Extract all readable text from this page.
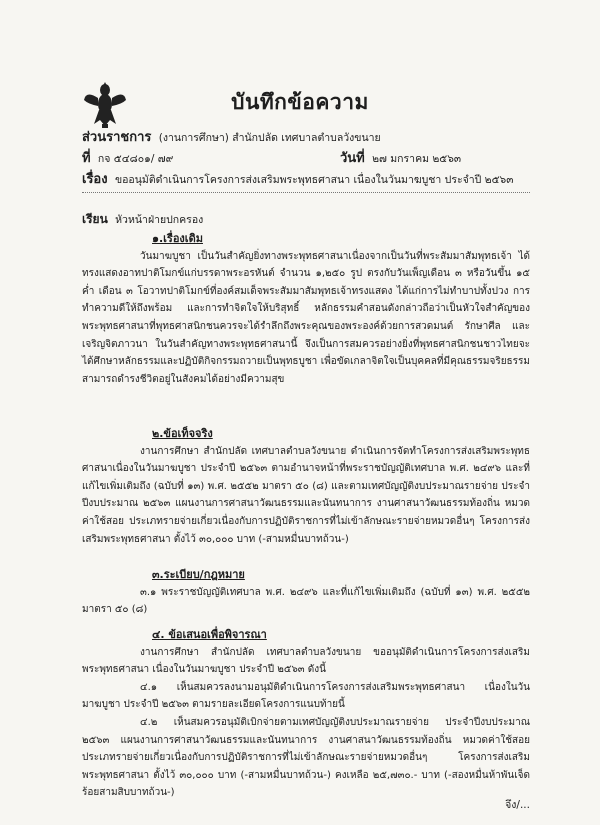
บันทึกข้อความ
ส่วนราชการ (งานการศึกษา) สำนักปลัด เทศบาลตำบลวังขนาย
ที่ กจ ๕๔๘๐๑/ ๗๙	วันที่ ๒๗ มกราคม ๒๕๖๓
เรื่อง ขออนุมัติดำเนินการโครงการส่งเสริมพระพุทธศาสนา เนื่องในวันมาฆบูชา ประจำปี ๒๕๖๓
เรียน หัวหน้าฝ่ายปกครอง
๑.เรื่องเดิม

วันมาฆบูชา เป็นวันสำคัญยิ่งทางพระพุทธศาสนาเนื่องจากเป็นวันที่พระสัมมาสัมพุทธเจ้า ได้ทรงแสดงอาทปาติโมกข์แก่บรรดาพระอรหันต์ จำนวน ๑,๒๕๐ รูป ตรงกับวันเพ็ญเดือน ๓ หรือวันขึ้น ๑๕ ค่ำ เดือน ๓ โอวาทปาติโมกข์ที่องค์สมเด็จพระสัมมาสัมพุทธเจ้าทรงแสดง ได้แก่การไม่ทำบาปทั้งปวง การทำความดีให้ถึงพร้อม และการทำจิตใจให้บริสุทธิ์ หลักธรรมคำสอนดังกล่าวถือว่าเป็นหัวใจสำคัญของ พระพุทธศาสนาที่พุทธศาสนิกชนควรจะได้รำลึกถึงพระคุณของพระองค์ด้วยการสวดมนต์ รักษาศีล และเจริญจิตภาวนา ในวันสำคัญทางพระพุทธศาสนานี้ จึงเป็นการสมควรอย่างยิ่งที่พุทธศาสนิกชนชาวไทยจะได้ศึกษาหลักธรรมและปฏิบัติกิจกรรมถวายเป็นพุทธบูชา เพื่อขัดเกลาจิตใจเป็นบุคคลที่มีคุณธรรมจริยธรรม สามารถดำรงชีวิตอยู่ในสังคมได้อย่างมีความสุข

๒.ข้อเท็จจริง

งานการศึกษา สำนักปลัด เทศบาลตำบลวังขนาย ดำเนินการจัดทำโครงการส่งเสริมพระพุทธศาสนาเนื่องในวันมาฆบูชา ประจำปี ๒๕๖๓ ตามอำนาจหน้าที่พระราชบัญญัติเทศบาล พ.ศ. ๒๔๙๖ และที่แก้ไขเพิ่มเติมถึง (ฉบับที่ ๑๓) พ.ศ. ๒๕๕๒ มาตรา ๕๐ (๘) และตามเทศบัญญัติงบประมาณรายจ่าย ประจำปีงบประมาณ ๒๕๖๓ แผนงานการศาสนาวัฒนธรรมและนันทนาการ งานศาสนาวัฒนธรรมท้องถิ่น หมวดค่าใช้สอย ประเภทรายจ่ายเกี่ยวเนื่องกับการปฏิบัติราชการที่ไม่เข้าลักษณะรายจ่ายหมวดอื่นๆ โครงการส่งเสริมพระพุทธศาสนา ตั้งไว้ ๓๐,๐๐๐ บาท (-สามหมื่นบาทถ้วน-)

๓.ระเบียบ/กฎหมาย

๓.๑ พระราชบัญญัติเทศบาล พ.ศ. ๒๔๙๖ และที่แก้ไขเพิ่มเติมถึง (ฉบับที่ ๑๓) พ.ศ. ๒๕๕๒ มาตรา ๕๐ (๘)

๔. ข้อเสนอเพื่อพิจารณา

งานการศึกษา สำนักปลัด เทศบาลตำบลวังขนาย ขออนุมัติดำเนินการโครงการส่งเสริมพระพุทธศาสนา เนื่องในวันมาฆบูชา ประจำปี ๒๕๖๓ ดังนี้

๔.๑ เห็นสมควรลงนามอนุมัติดำเนินการโครงการส่งเสริมพระพุทธศาสนา เนื่องในวันมาฆบูชา ประจำปี ๒๕๖๓ ตามรายละเอียดโครงการแนบท้ายนี้

๔.๒ เห็นสมควรอนุมัติเบิกจ่ายตามเทศบัญญัติงบประมาณรายจ่าย ประจำปีงบประมาณ ๒๕๖๓ แผนงานการศาสนาวัฒนธรรมและนันทนาการ งานศาสนาวัฒนธรรมท้องถิ่น หมวดค่าใช้สอย ประเภทรายจ่ายเกี่ยวเนื่องกับการปฏิบัติราชการที่ไม่เข้าลักษณะรายจ่ายหมวดอื่นๆ โครงการส่งเสริมพระพุทธศาสนา ตั้งไว้ ๓๐,๐๐๐ บาท (-สามหมื่นบาทถ้วน-) คงเหลือ ๒๕,๗๓๐.- บาท (-สองหมื่นห้าพันเจ็ดร้อยสามสิบบาทถ้วน-)

จึง/...
